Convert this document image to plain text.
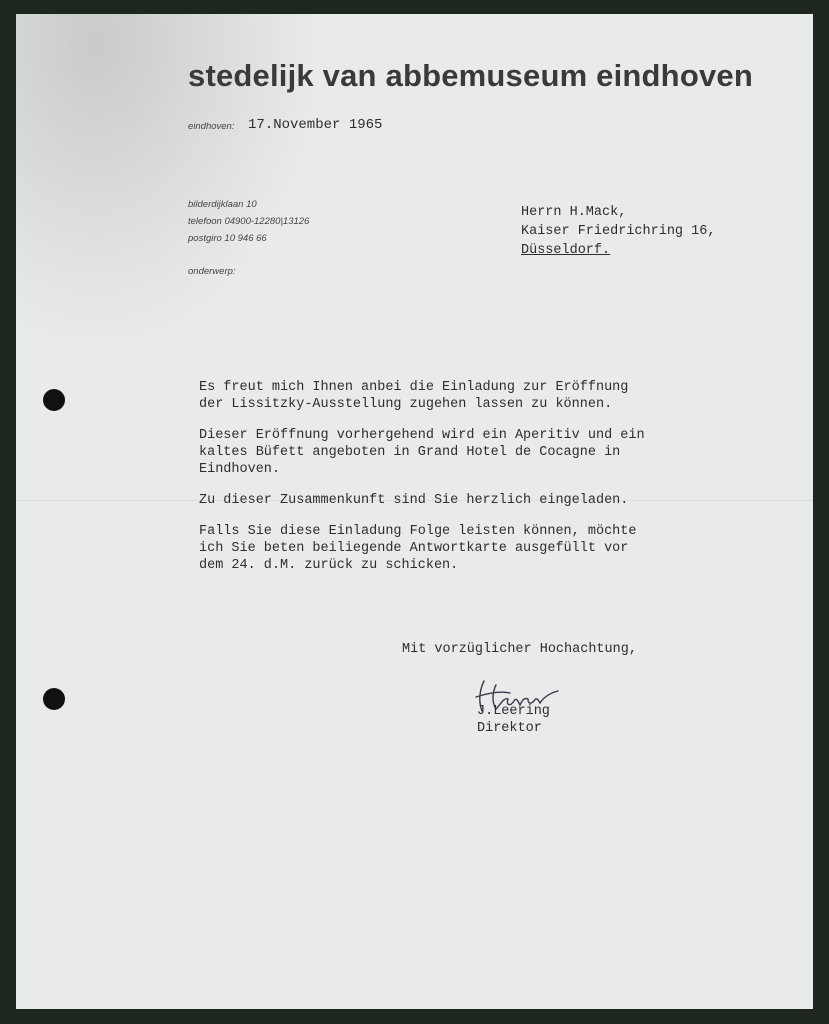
stedelijk van abbemuseum eindhoven
eindhoven: 17.November 1965
bilderdijklaan 10
telefoon 04900-12280|13126
postgiro 10 946 66
onderwerp:
Herrn H.Mack,
Kaiser Friedrichring 16,
Düsseldorf.
Es freut mich Ihnen anbei die Einladung zur Eröffnung
der Lissitzky-Ausstellung zugehen lassen zu können.
Dieser Eröffnung vorhergehend wird ein Aperitiv und ein
kaltes Büfett angeboten in Grand Hotel de Cocagne in
Eindhoven.
Zu dieser Zusammenkunft sind Sie herzlich eingeladen.
Falls Sie diese Einladung Folge leisten können, möchte
ich Sie beten beiliegende Antwortkarte ausgefüllt vor
dem 24. d.M. zurück zu schicken.
Mit vorzüglicher Hochachtung,
J.Leering
Direktor
